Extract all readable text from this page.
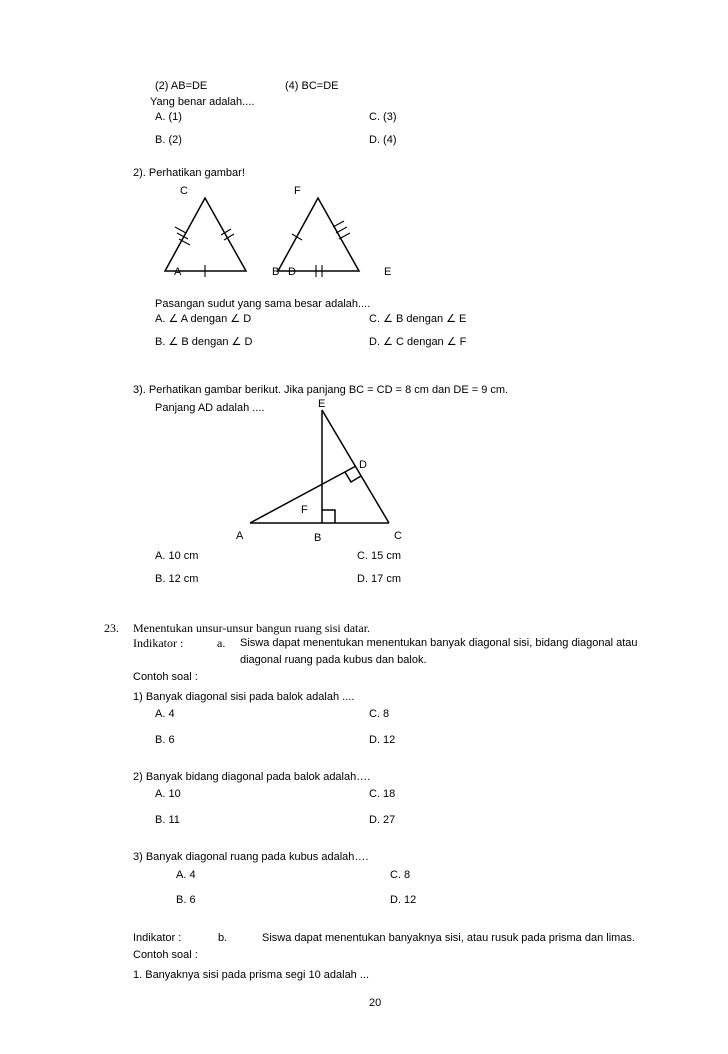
(2) AB=DE	(4) BC=DE
Yang benar adalah....
A. (1)	C. (3)
B. (2)	D. (4)
2). Perhatikan gambar!
C	F
A	B D	E
Pasangan sudut yang sama besar adalah....
A. ∠ A dengan ∠ D	C. ∠ B dengan ∠ E
B. ∠ B dengan ∠ D	D. ∠ C dengan ∠ F
3). Perhatikan gambar berikut. Jika panjang BC = CD = 8 cm dan DE = 9 cm.
Panjang AD adalah ....	E
D
F
A	B	C
A. 10 cm	C. 15 cm
B. 12 cm	D. 17 cm
23. Menentukan unsur-unsur bangun ruang sisi datar.
Indikator :	a. Siswa dapat menentukan menentukan banyak diagonal sisi, bidang diagonal atau
diagonal ruang pada kubus dan balok.
Contoh soal :
1) Banyak diagonal sisi pada balok adalah ....
A. 4	C. 8
B. 6	D. 12
2) Banyak bidang diagonal pada balok adalah….
A. 10	C. 18
B. 11	D. 27
3) Banyak diagonal ruang pada kubus adalah….
A. 4	C. 8
B. 6	D. 12
Indikator :	b.	Siswa dapat menentukan banyaknya sisi, atau rusuk pada prisma dan limas.
Contoh soal :
1. Banyaknya sisi pada prisma segi 10 adalah ...
20
